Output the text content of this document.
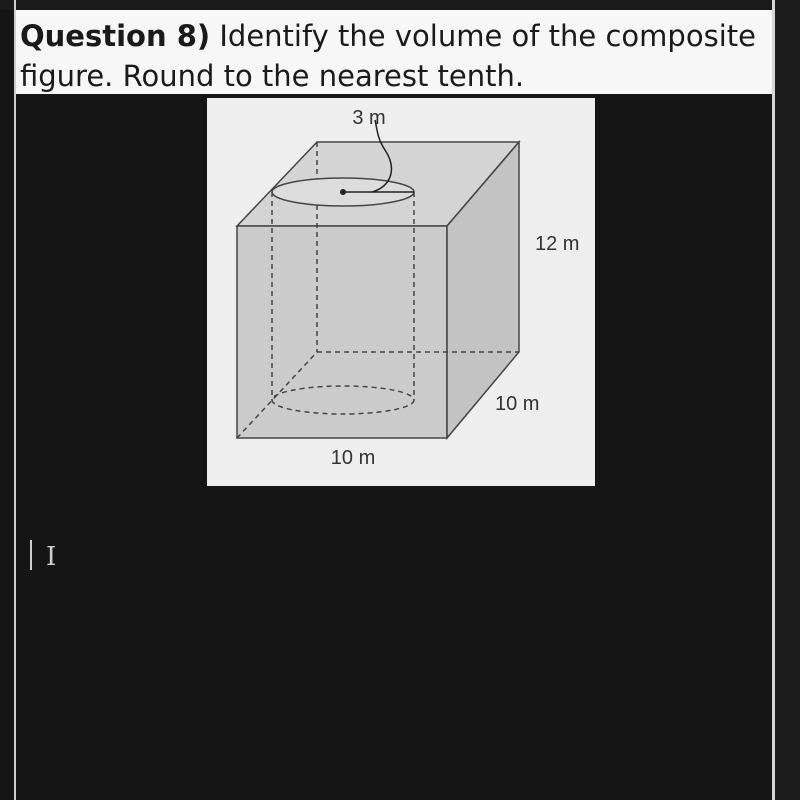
Question 8) Identify the volume of the composite
figure. Round to the nearest tenth.
3 m
12 m
10 m
10 m
I
